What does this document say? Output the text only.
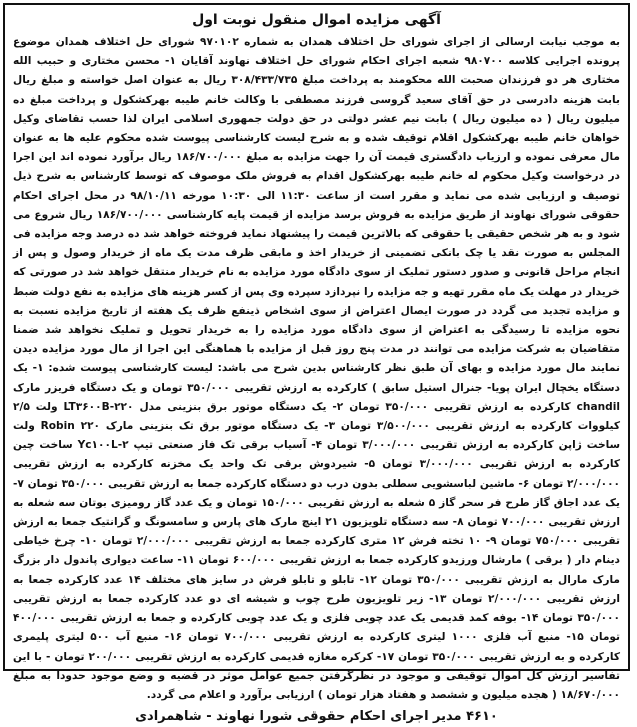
آگهی مزایده اموال منقول نوبت اول

به موجب نیابت ارسالی از اجرای شورای حل اختلاف همدان به شماره ۹۷۰۱۰۲ شورای حل اختلاف همدان موضوع پرونده اجرایی کلاسه ۹۸۰۷۰۰ شعبه اجرای احکام شورای حل اختلاف نهاوند آقایان ۱- محسن مختاری و حبیب الله مختاری هر دو فرزندان صحبت الله محکومند به پرداخت مبلغ ۳۰۸/۴۳۳/۷۳۵ ریال به عنوان اصل خواسته و مبلغ ریال بابت هزینه دادرسی در حق آقای سعید گروسی فرزند مصطفی با وکالت خانم طیبه بهرکشکول و پرداخت مبلغ ده میلیون ریال ( ده میلیون ریال ) بابت نیم عشر دولتی در حق دولت جمهوری اسلامی ایران لذا حسب تقاضای وکیل خواهان خانم طیبه بهرکشکول اقلام توقیف شده و به شرح لیست کارشناسی پیوست شده محکوم علیه ها به عنوان مال معرفی نموده و ارزیاب دادگستری قیمت آن را جهت مزایده به مبلغ ۱۸۶/۷۰۰/۰۰۰ ریال برآورد نموده اند این اجرا در درخواست وکیل محکوم له خانم طیبه بهرکشکول اقدام به فروش ملک موصوف که توسط کارشناس به شرح ذیل توصیف و ارزیابی شده می نماید و مقرر است از ساعت ۱۱:۳۰ الی ۱۰:۳۰ مورخه ۹۸/۱۰/۱۱ در محل اجرای احکام حقوقی شورای نهاوند از طریق مزایده به فروش برسد مزایده از قیمت پایه کارشناسی ۱۸۶/۷۰۰/۰۰۰ ریال شروع می شود و به هر شخص حقیقی یا حقوقی که بالاترین قیمت را پیشنهاد نماید فروخته خواهد شد ده درصد وجه مزایده فی المجلس به صورت نقد یا چک بانکی تضمینی از خریدار اخذ و مابقی ظرف مدت یک ماه از خریدار وصول و پس از انجام مراحل قانونی و صدور دستور تملیک از سوی دادگاه مورد مزایده به نام خریدار منتقل خواهد شد در صورتی که خریدار در مهلت یک ماه مقرر تهیه و جه مزایده را نپردازد سپرده وی پس از کسر هزینه های مزایده به نفع دولت ضبط و مزایده تجدید می گردد در صورت ایصال اعتراض از سوی اشخاص ذینفع ظرف یک هفته از تاریخ مزایده نسبت به نحوه مزایده تا رسیدگی به اعتراض از سوی دادگاه مورد مزایده را به خریدار تحویل و تملیک نخواهد شد ضمنا متقاضیان به شرکت مزایده می توانند در مدت پنج روز قبل از مزایده با هماهنگی این اجرا از مال مورد مزایده دیدن نمایند مال مورد مزایده و بهای آن طبق نظر کارشناس بدین شرح می باشد: لیست کارشناسی پیوست شده: ۱- یک دستگاه یخچال ایران پویا- جنرال استیل سابق ) کارکرده به ارزش تقریبی ۳۵۰/۰۰۰ تومان و یک دستگاه فریزر مارک chandil کارکرده به ارزش تقریبی ۳۵۰/۰۰۰ تومان ۲- یک دستگاه موتور برق بنزینی مدل LT۳۶۰۰B-۲۲۰ ولت ۲/۵ کیلووات کارکرده به ارزش تقریبی ۳/۵۰۰/۰۰۰ تومان ۳- یک دستگاه موتور برق تک بنزینی مارک Robin ۲۲۰ ولت ساخت ژاپن کارکرده به ارزش تقریبی ۳/۰۰۰/۰۰۰ تومان ۴- آسیاب برقی تک فاز صنعتی تیپ Yc۱۰۰L-۲ ساخت چین کارکرده به ارزش تقریبی ۳/۰۰۰/۰۰۰ تومان ۵- شیردوش برقی تک واحد یک مخزنه کارکرده به ارزش تقریبی ۲/۰۰۰/۰۰۰ تومان ۶- ماشین لباسشویی سطلی بدون درب دو دستگاه کارکرده جمعا به ارزش تقریبی ۳۵۰/۰۰۰ تومان ۷- یک عدد اجاق گاز طرح فر سحر گاز ۵ شعله به ارزش تقریبی ۱۵۰/۰۰۰ تومان و یک عدد گاز رومیزی بوتان سه شعله به ارزش تقریبی ۷۰۰/۰۰۰ تومان ۸- سه دستگاه تلویزیون ۲۱ اینچ مارک های پارس و سامسونگ و گرانتیک جمعا به ارزش تقریبی ۷۵۰/۰۰۰ تومان ۹- ۱۰ تخته فرش ۱۲ متری کارکرده جمعا به ارزش تقریبی ۲/۰۰۰/۰۰۰ تومان ۱۰- چرخ خیاطی دینام دار ( برقی ) مارشال ورزیدو کارکرده جمعا به ارزش تقریبی ۶۰۰/۰۰۰ تومان ۱۱- ساعت دیواری پاندول دار بزرگ مارک مارال به ارزش تقریبی ۳۵۰/۰۰۰ تومان ۱۲- تابلو و تابلو فرش در سایز های مختلف ۱۴ عدد کارکرده جمعا به ارزش تقریبی ۲/۰۰۰/۰۰۰ تومان ۱۳- زیر تلویزیون طرح چوب و شیشه ای دو عدد کارکرده جمعا به ارزش تقریبی ۳۵۰/۰۰۰ تومان ۱۴- بوفه کمد قدیمی یک عدد چوبی فلزی و یک عدد چوبی کارکرده و جمعا به ارزش تقریبی ۴۰۰/۰۰۰ تومان ۱۵- منبع آب فلزی ۱۰۰۰ لیتری کارکرده به ارزش تقریبی ۷۰۰/۰۰۰ تومان ۱۶- منبع آب ۵۰۰ لیتری پلیمری کارکرده و به ارزش تقریبی ۳۵۰/۰۰۰ تومان ۱۷- کرکره مغازه قدیمی کارکرده به ارزش تقریبی ۲۰۰/۰۰۰ تومان - با این تفاسیر ارزش کل اموال توقیفی و موجود در نظرگرفتن جمیع عوامل موثر در قضیه و وضع موجود حدودا به مبلغ ۱۸/۶۷۰/۰۰۰ ( هجده میلیون و ششصد و هفتاد هزار تومان ) ارزیابی برآورد و اعلام می گردد.

۴۶۱۰ مدیر اجرای احکام حقوقی شورا نهاوند - شاهمرادی
